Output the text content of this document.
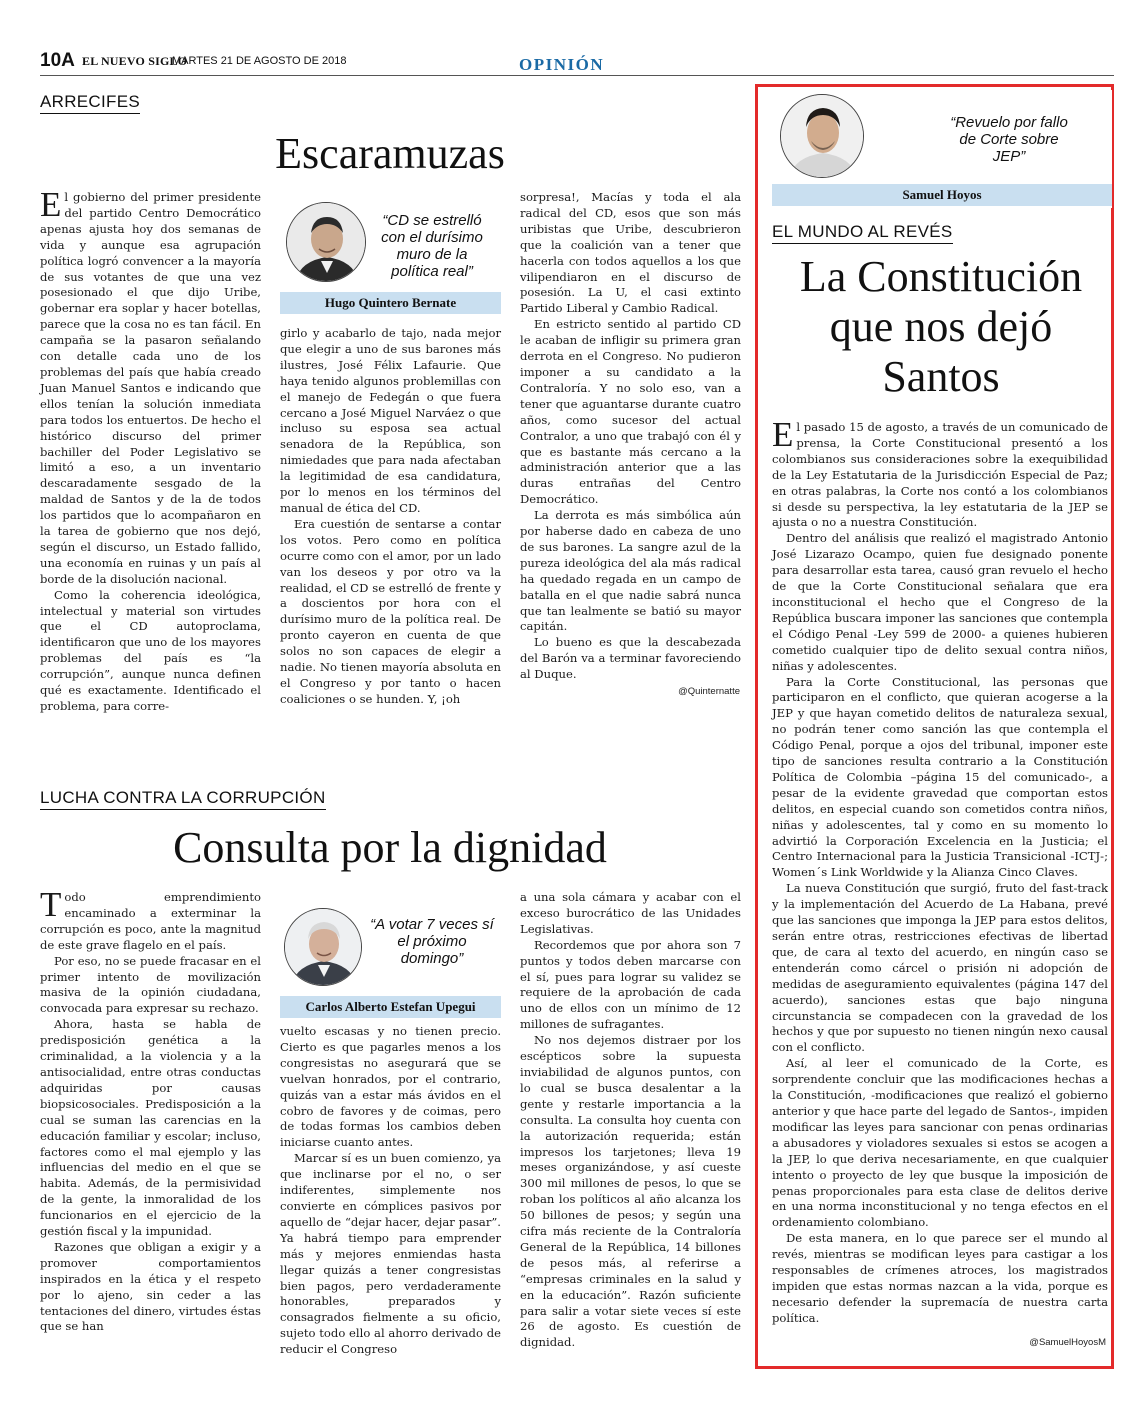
10A EL NUEVO SIGLO
MARTES 21 DE AGOSTO DE 2018	OPINIÓN
ARRECIFES
Escaramuzas

El gobierno del primer presidente del partido Centro Democrático apenas ajusta hoy dos semanas de vida y aunque esa agrupación política logró convencer a la mayoría de sus votantes de que una vez posesionado el que dijo Uribe, gobernar era soplar y hacer botellas, parece que la cosa no es tan fácil. En campaña se la pasaron señalando con detalle cada uno de los problemas del país que había creado Juan Manuel Santos e indicando que ellos tenían la solución inmediata para todos los entuertos. De hecho el histórico discurso del primer bachiller del Poder Legislativo se limitó a eso, a un inventario descaradamente sesgado de la maldad de Santos y de la de todos los partidos que lo acompañaron en la tarea de gobierno que nos dejó, según el discurso, un Estado fallido, una economía en ruinas y un país al borde de la disolución nacional.

Como la coherencia ideológica, intelectual y material son virtudes que el CD autoproclama, identificaron que uno de los mayores problemas del país es “la corrupción”, aunque nunca definen qué es exactamente. Identificado el problema, para corre-

“CD se estrelló con el durísimo muro de la política real”
Hugo Quintero Bernate

girlo y acabarlo de tajo, nada mejor que elegir a uno de sus barones más ilustres, José Félix Lafaurie. Que haya tenido algunos problemillas con el manejo de Fedegán o que fuera cercano a José Miguel Narváez o que incluso su esposa sea actual senadora de la República, son nimiedades que para nada afectaban la legitimidad de esa candidatura, por lo menos en los términos del manual de ética del CD.

Era cuestión de sentarse a contar los votos. Pero como en política ocurre como con el amor, por un lado van los deseos y por otro va la realidad, el CD se estrelló de frente y a doscientos por hora con el durísimo muro de la política real. De pronto cayeron en cuenta de que solos no son capaces de elegir a nadie. No tienen mayoría absoluta en el Congreso y por tanto o hacen coaliciones o se hunden. Y, ¡oh

sorpresa!, Macías y toda el ala radical del CD, esos que son más uribistas que Uribe, descubrieron que la coalición van a tener que hacerla con todos aquellos a los que vilipendiaron en el discurso de posesión. La U, el casi extinto Partido Liberal y Cambio Radical.

En estricto sentido al partido CD le acaban de infligir su primera gran derrota en el Congreso. No pudieron imponer a su candidato a la Contraloría. Y no solo eso, van a tener que aguantarse durante cuatro años, como sucesor del actual Contralor, a uno que trabajó con él y que es bastante más cercano a la administración anterior que a las duras entrañas del Centro Democrático.

La derrota es más simbólica aún por haberse dado en cabeza de uno de sus barones. La sangre azul de la pureza ideológica del ala más radical ha quedado regada en un campo de batalla en el que nadie sabrá nunca que tan lealmente se batió su mayor capitán.

Lo bueno es que la descabezada del Barón va a terminar favoreciendo al Duque.

@Quinternatte
LUCHA CONTRA LA CORRUPCIÓN
Consulta por la dignidad

Todo emprendimiento encaminado a exterminar la corrupción es poco, ante la magnitud de este grave flagelo en el país.

Por eso, no se puede fracasar en el primer intento de movilización masiva de la opinión ciudadana, convocada para expresar su rechazo.

Ahora, hasta se habla de predisposición genética a la criminalidad, a la violencia y a la antisocialidad, entre otras conductas adquiridas por causas biopsicosociales. Predisposición a la cual se suman las carencias en la educación familiar y escolar; incluso, factores como el mal ejemplo y las influencias del medio en el que se habita. Además, de la permisividad de la gente, la inmoralidad de los funcionarios en el ejercicio de la gestión fiscal y la impunidad.

Razones que obligan a exigir y a promover comportamientos inspirados en la ética y el respeto por lo ajeno, sin ceder a las tentaciones del dinero, virtudes éstas que se han

“A votar 7 veces sí el próximo domingo”
Carlos Alberto Estefan Upegui

vuelto escasas y no tienen precio. Cierto es que pagarles menos a los congresistas no asegurará que se vuelvan honrados, por el contrario, quizás van a estar más ávidos en el cobro de favores y de coimas, pero de todas formas los cambios deben iniciarse cuanto antes.

Marcar sí es un buen comienzo, ya que inclinarse por el no, o ser indiferentes, simplemente nos convierte en cómplices pasivos por aquello de “dejar hacer, dejar pasar”. Ya habrá tiempo para emprender más y mejores enmiendas hasta llegar quizás a tener congresistas bien pagos, pero verdaderamente honorables, preparados y consagrados fielmente a su oficio, sujeto todo ello al ahorro derivado de reducir el Congreso

a una sola cámara y acabar con el exceso burocrático de las Unidades Legislativas.

Recordemos que por ahora son 7 puntos y todos deben marcarse con el sí, pues para lograr su validez se requiere de la aprobación de cada uno de ellos con un mínimo de 12 millones de sufragantes.

No nos dejemos distraer por los escépticos sobre la supuesta inviabilidad de algunos puntos, con lo cual se busca desalentar a la gente y restarle importancia a la consulta. La consulta hoy cuenta con la autorización requerida; están impresos los tarjetones; lleva 19 meses organizándose, y así cueste 300 mil millones de pesos, lo que se roban los políticos al año alcanza los 50 billones de pesos; y según una cifra más reciente de la Contraloría General de la República, 14 billones de pesos más, al referirse a “empresas criminales en la salud y en la educación”. Razón suficiente para salir a votar siete veces sí este 26 de agosto. Es cuestión de dignidad.

“Revuelo por fallo de Corte sobre JEP”
Samuel Hoyos
EL MUNDO AL REVÉS
La Constitución que nos dejó Santos

El pasado 15 de agosto, a través de un comunicado de prensa, la Corte Constitucional presentó a los colombianos sus consideraciones sobre la exequibilidad de la Ley Estatutaria de la Jurisdicción Especial de Paz; en otras palabras, la Corte nos contó a los colombianos si desde su perspectiva, la ley estatutaria de la JEP se ajusta o no a nuestra Constitución.

Dentro del análisis que realizó el magistrado Antonio José Lizarazo Ocampo, quien fue designado ponente para desarrollar esta tarea, causó gran revuelo el hecho de que la Corte Constitucional señalara que era inconstitucional el hecho que el Congreso de la República buscara imponer las sanciones que contempla el Código Penal -Ley 599 de 2000- a quienes hubieren cometido cualquier tipo de delito sexual contra niños, niñas y adolescentes.

Para la Corte Constitucional, las personas que participaron en el conflicto, que quieran acogerse a la JEP y que hayan cometido delitos de naturaleza sexual, no podrán tener como sanción las que contempla el Código Penal, porque a ojos del tribunal, imponer este tipo de sanciones resulta contrario a la Constitución Política de Colombia –página 15 del comunicado-, a pesar de la evidente gravedad que comportan estos delitos, en especial cuando son cometidos contra niños, niñas y adolescentes, tal y como en su momento lo advirtió la Corporación Excelencia en la Justicia; el Centro Internacional para la Justicia Transicional -ICTJ-; Women´s Link Worldwide y la Alianza Cinco Claves.

La nueva Constitución que surgió, fruto del fast-track y la implementación del Acuerdo de La Habana, prevé que las sanciones que imponga la JEP para estos delitos, serán entre otras, restricciones efectivas de libertad que, de cara al texto del acuerdo, en ningún caso se entenderán como cárcel o prisión ni adopción de medidas de aseguramiento equivalentes (página 147 del acuerdo), sanciones estas que bajo ninguna circunstancia se compadecen con la gravedad de los hechos y que por supuesto no tienen ningún nexo causal con el conflicto.

Así, al leer el comunicado de la Corte, es sorprendente concluir que las modificaciones hechas a la Constitución, -modificaciones que realizó el gobierno anterior y que hace parte del legado de Santos-, impiden modificar las leyes para sancionar con penas ordinarias a abusadores y violadores sexuales si estos se acogen a la JEP, lo que deriva necesariamente, en que cualquier intento o proyecto de ley que busque la imposición de penas proporcionales para esta clase de delitos derive en una norma inconstitucional y no tenga efectos en el ordenamiento colombiano.

De esta manera, en lo que parece ser el mundo al revés, mientras se modifican leyes para castigar a los responsables de crímenes atroces, los magistrados impiden que estas normas nazcan a la vida, porque es necesario defender la supremacía de nuestra carta política.

@SamuelHoyosM
